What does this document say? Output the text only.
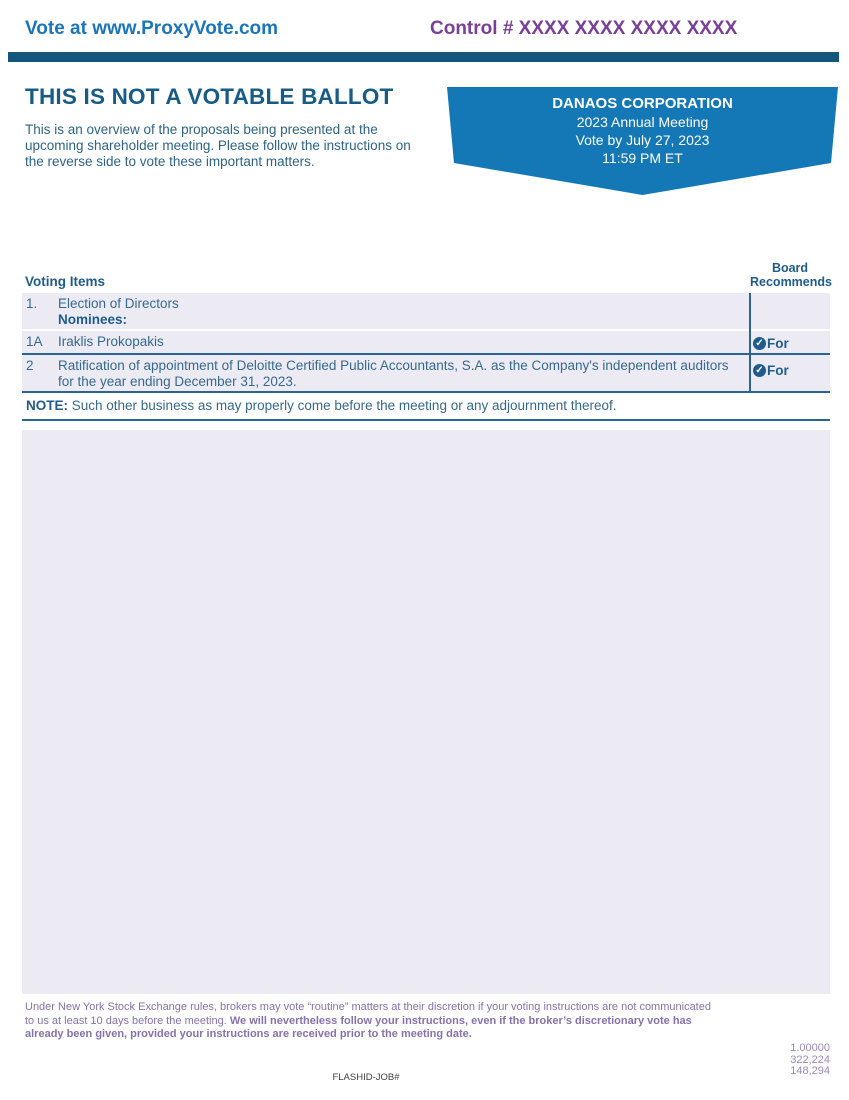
Vote at www.ProxyVote.com	Control # XXXX XXXX XXXX XXXX
THIS IS NOT A VOTABLE BALLOT
This is an overview of the proposals being presented at the upcoming shareholder meeting. Please follow the instructions on the reverse side to vote these important matters.
DANAOS CORPORATION
2023 Annual Meeting
Vote by July 27, 2023
11:59 PM ET
Voting Items
Board
Recommends
1. Election of Directors
Nominees:
1A Iraklis Prokopakis	✓ For
2 Ratification of appointment of Deloitte Certified Public Accountants, S.A. as the Company's independent auditors for the year ending December 31, 2023.
✓ For
NOTE: Such other business as may properly come before the meeting or any adjournment thereof.
Under New York Stock Exchange rules, brokers may vote “routine” matters at their discretion if your voting instructions are not communicated to us at least 10 days before the meeting. We will nevertheless follow your instructions, even if the broker’s discretionary vote has already been given, provided your instructions are received prior to the meeting date.
1.00000
322,224
148,294
FLASHID-JOB#
